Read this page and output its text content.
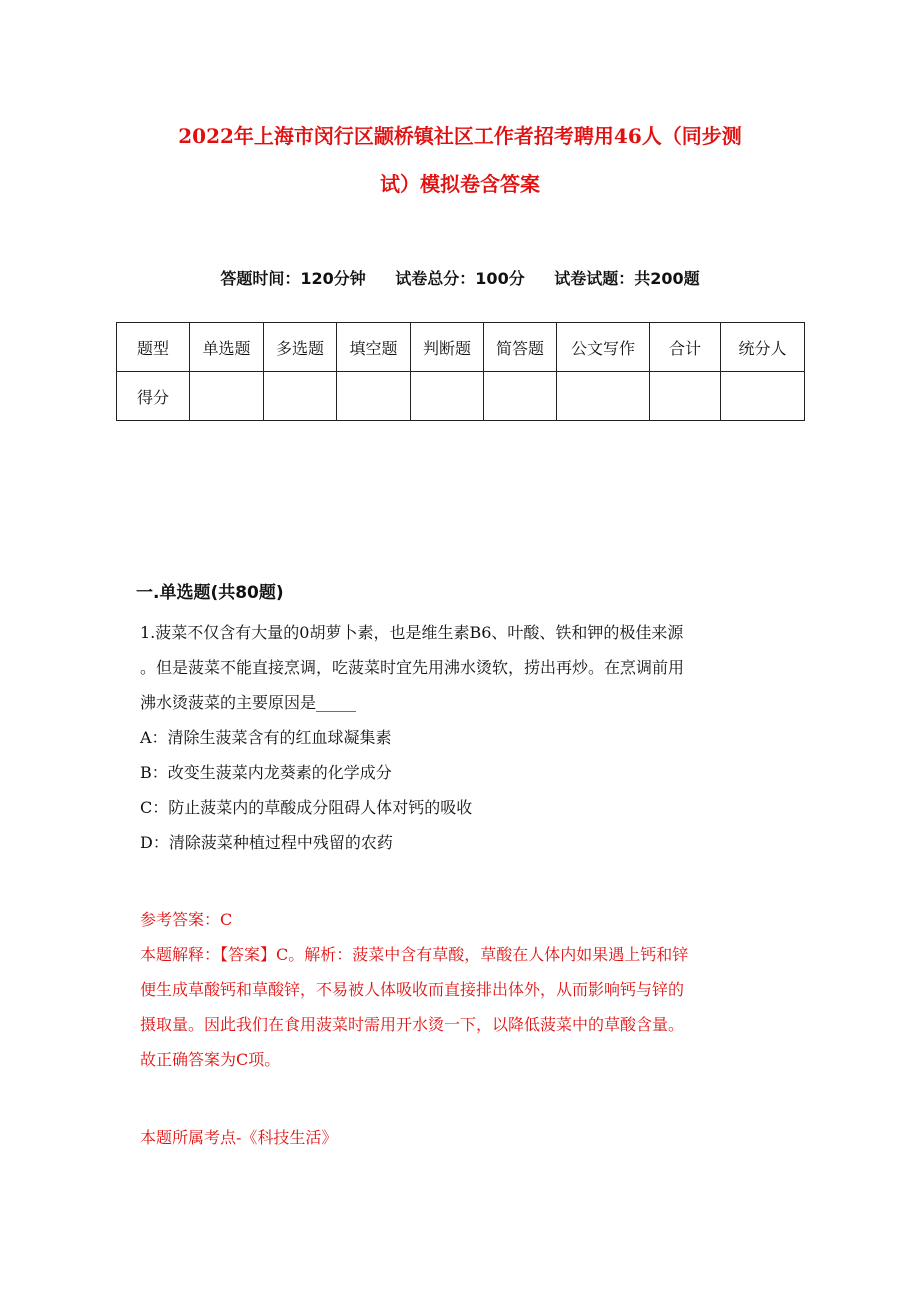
2022年上海市闵行区颛桥镇社区工作者招考聘用46人（同步测
试）模拟卷含答案
答题时间：120分钟 试卷总分：100分 试卷试题：共200题
题型	单选题	多选题	填空题	判断题	简答题	公文写作	合计	统分人
得分								
一.单选题(共80题)
1.菠菜不仅含有大量的0胡萝卜素，也是维生素B6、叶酸、铁和钾的极佳来源
。但是菠菜不能直接烹调，吃菠菜时宜先用沸水烫软，捞出再炒。在烹调前用
沸水烫菠菜的主要原因是_____
A：清除生菠菜含有的红血球凝集素
B：改变生菠菜内龙葵素的化学成分
C：防止菠菜内的草酸成分阻碍人体对钙的吸收
D：清除菠菜种植过程中残留的农药
参考答案：C
本题解释：【答案】C。解析：菠菜中含有草酸，草酸在人体内如果遇上钙和锌
便生成草酸钙和草酸锌，不易被人体吸收而直接排出体外，从而影响钙与锌的
摄取量。因此我们在食用菠菜时需用开水烫一下，以降低菠菜中的草酸含量。
故正确答案为C项。
本题所属考点-《科技生活》
